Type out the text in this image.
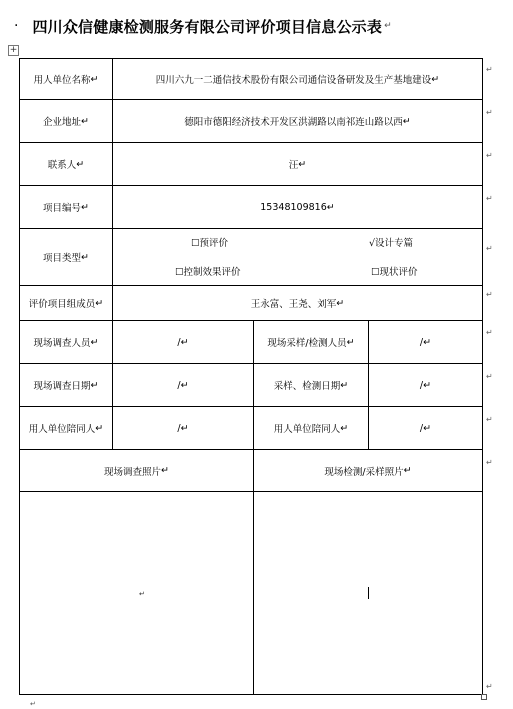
· 四川众信健康检测服务有限公司评价项目信息公示表 ↵
+
用人单位名称 ↵	四川六九一二通信技术股份有限公司通信设备研发及生产基地建设 ↵
企业地址 ↵	德阳市德阳经济技术开发区洪湖路以南祁连山路以西 ↵
联系人 ↵	汪 ↵
项目编号 ↵	15348109816 ↵
项目类型 ↵
☐预评价	√设计专篇
☐控制效果评价	☐现状评价
评价项目组成员 ↵	王永富、王尧、刘军 ↵
现场调查人员 ↵	/ ↵	现场采样/检测人员 ↵	/ ↵
现场调查日期 ↵	/ ↵	采样、检测日期 ↵	/ ↵
用人单位陪同人 ↵	/ ↵	用人单位陪同人 ↵	/ ↵
现场调查照片 ↵	现场检测/采样照片 ↵
↵
↵
↵
↵
↵
↵
↵
↵
↵
↵
↵
↵
↵
